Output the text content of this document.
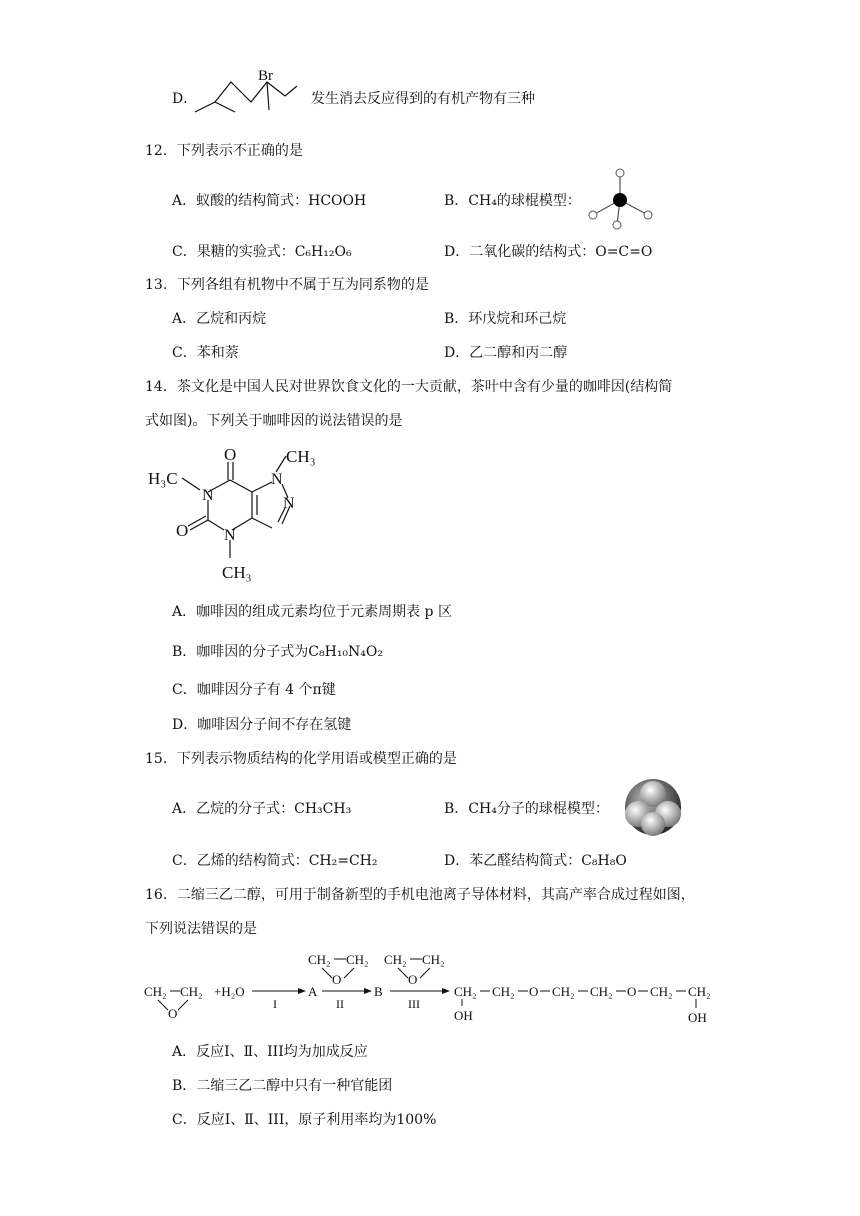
D．
Br
发生消去反应得到的有机产物有三种
12．下列表示不正确的是
A．蚁酸的结构简式：HCOOH	B．CH₄的球棍模型：
C．果糖的实验式：C₆H₁₂O₆	D．二氧化碳的结构式：O=C=O
13．下列各组有机物中不属于互为同系物的是
A．乙烷和丙烷	B．环戊烷和环己烷
C．苯和萘	D．乙二醇和丙二醇
14．茶文化是中国人民对世界饮食文化的一大贡献，茶叶中含有少量的咖啡因(结构简
式如图)。下列关于咖啡因的说法错误的是
O
O
N
N
N
N
H₃C
CH₃
CH₃
A．咖啡因的组成元素均位于元素周期表 p 区
B．咖啡因的分子式为C₈H₁₀N₄O₂
C．咖啡因分子有 4 个π键
D．咖啡因分子间不存在氢键
15．下列表示物质结构的化学用语或模型正确的是
A．乙烷的分子式：CH₃CH₃	B．CH₄分子的球棍模型：
C．乙烯的结构简式：CH₂=CH₂	D．苯乙醛结构简式：C₈H₈O
16．二缩三乙二醇，可用于制备新型的手机电池离子导体材料，其高产率合成过程如图，
下列说法错误的是
CH₂ CH₂
O
+H₂O
I
A
CH₂ CH₂
O
II
B
CH₂ CH₂
O
III
CH₂ CH₂ O CH₂ CH₂ O CH₂ CH₂
OH	OH
A．反应Ⅰ、Ⅱ、III均为加成反应
B．二缩三乙二醇中只有一种官能团
C．反应Ⅰ、Ⅱ、III，原子利用率均为100%
